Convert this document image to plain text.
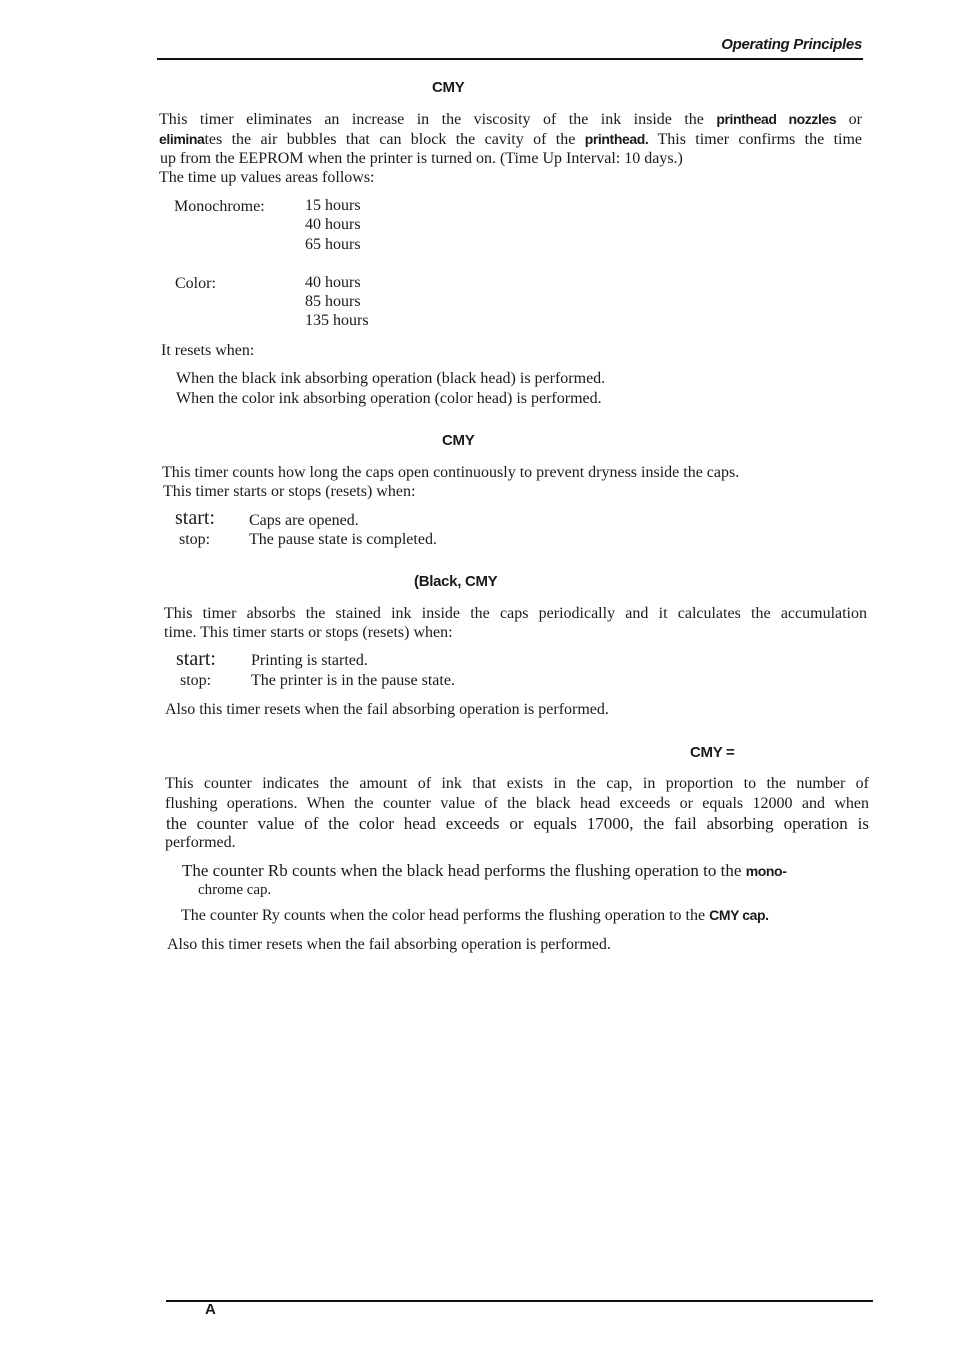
Operating Principles
CMY
This timer eliminates an increase in the viscosity of the ink inside the printhead nozzles or
eliminates the air bubbles that can block the cavity of the printhead. This timer confirms the time
up from the EEPROM when the printer is turned on. (Time Up Interval: 10 days.)
The time up values areas follows:
Monochrome:	15 hours
40 hours
65 hours
Color:	40 hours
85 hours
135 hours
It resets when:
When the black ink absorbing operation (black head) is performed.
When the color ink absorbing operation (color head) is performed.
CMY
This timer counts how long the caps open continuously to prevent dryness inside the caps.
This timer starts or stops (resets) when:
start: Caps are opened.
stop: The pause state is completed.
(Black, CMY
This timer absorbs the stained ink inside the caps periodically and it calculates the accumulation
time. This timer starts or stops (resets) when:
start: Printing is started.
stop: The printer is in the pause state.
Also this timer resets when the fail absorbing operation is performed.
CMY =
This counter indicates the amount of ink that exists in the cap, in proportion to the number of
flushing operations. When the counter value of the black head exceeds or equals 12000 and when
the counter value of the color head exceeds or equals 17000, the fail absorbing operation is
performed.
The counter Rb counts when the black head performs the flushing operation to the mono-
chrome cap.
The counter Ry counts when the color head performs the flushing operation to the CMY cap.
Also this timer resets when the fail absorbing operation is performed.
A
